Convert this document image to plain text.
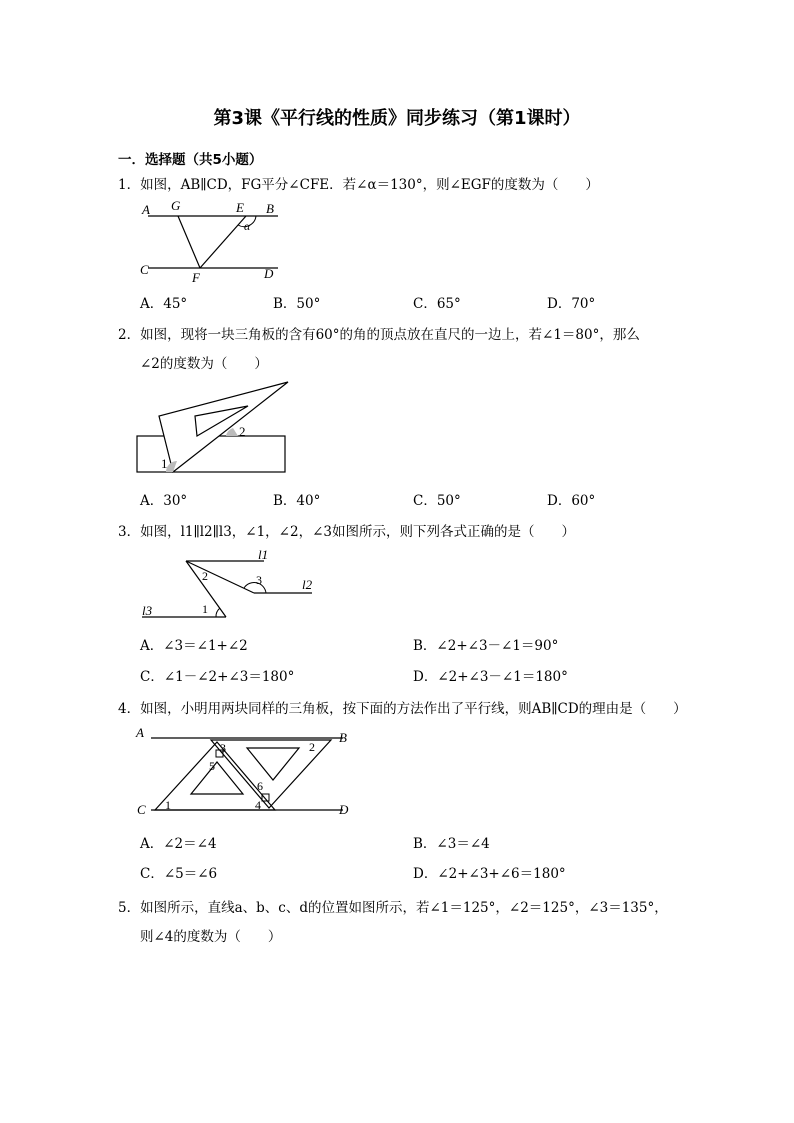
第3课《平行线的性质》同步练习（第1课时）
一．选择题（共5小题）
1．如图，AB∥CD，FG平分∠CFE．若∠α＝130°，则∠EGF的度数为（　　）
A G	E B
α
C
F	D
A．45°	B．50°	C．65°	D．70°
2．如图，现将一块三角板的含有60°的角的顶点放在直尺的一边上，若∠1＝80°，那么
∠2的度数为（　　）
1
2
A．30°	B．40°	C．50°	D．60°
3．如图，l1∥l2∥l3，∠1，∠2，∠3如图所示，则下列各式正确的是（　　）
l1
l2
l3
2	3
1
A．∠3＝∠1+∠2	B．∠2+∠3－∠1＝90°
C．∠1－∠2+∠3＝180°	D．∠2+∠3－∠1＝180°
4．如图，小明用两块同样的三角板，按下面的方法作出了平行线，则AB∥CD的理由是（　　）
A	B
C	D
1
2
3
4
5
6
A．∠2＝∠4	B．∠3＝∠4
C．∠5＝∠6	D．∠2+∠3+∠6＝180°
5．如图所示，直线a、b、c、d的位置如图所示，若∠1＝125°，∠2＝125°，∠3＝135°，
则∠4的度数为（　　）
